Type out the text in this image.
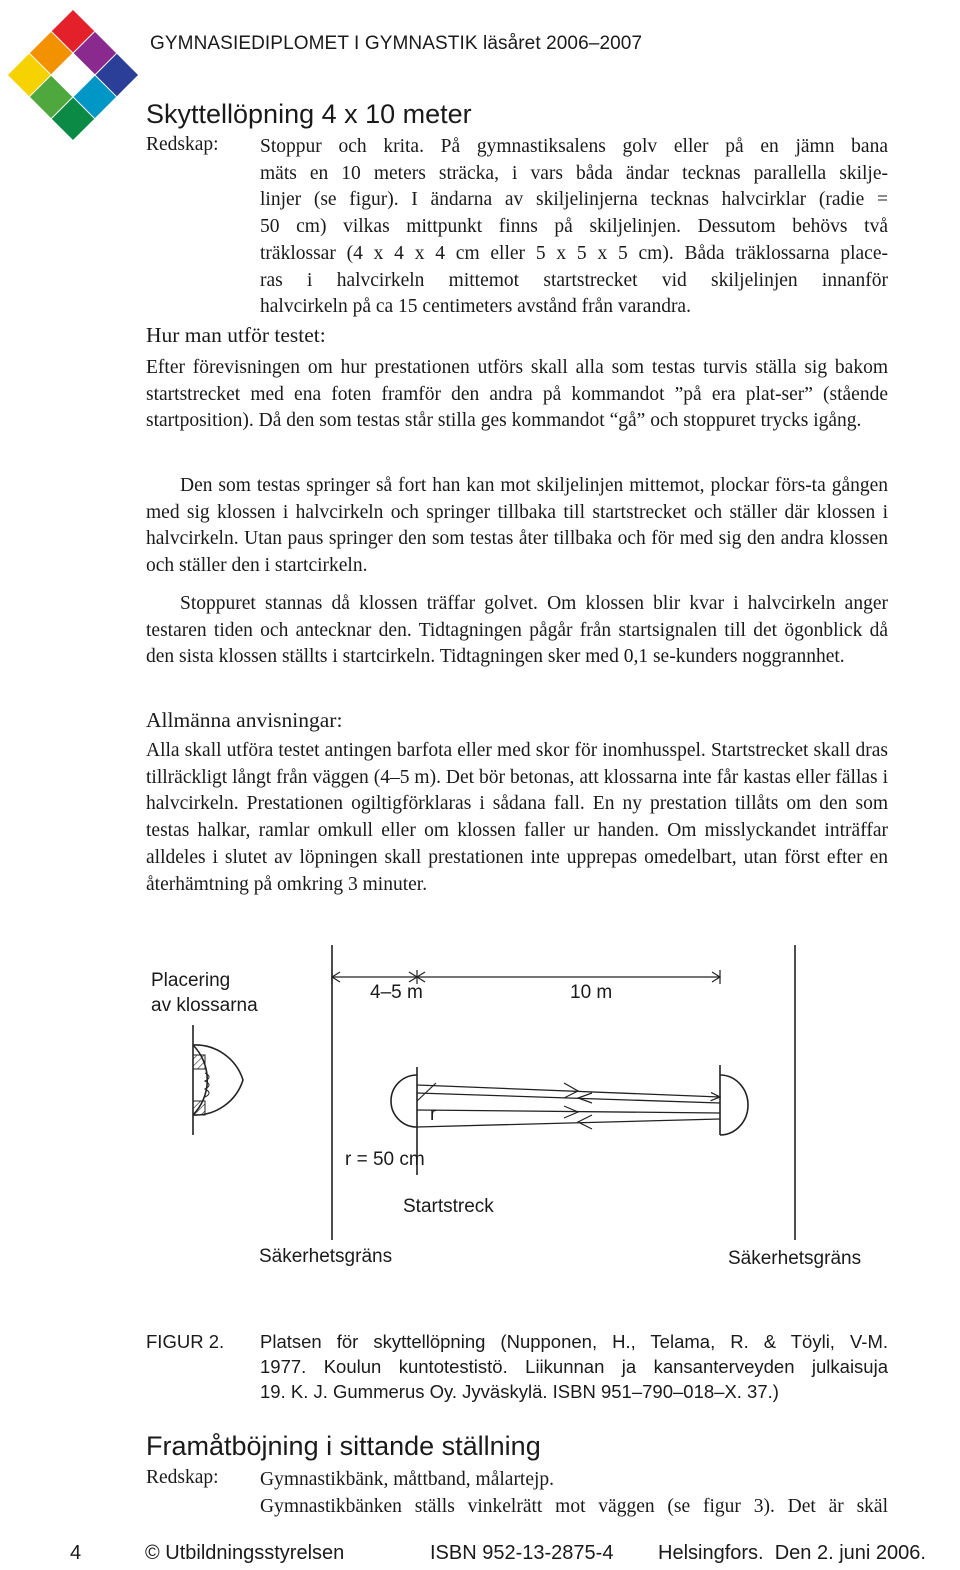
GYMNASIEDIPLOMET I GYMNASTIK läsåret 2006–2007
Skyttellöpning 4 x 10 meter
Redskap: Stoppur och krita. På gymnastiksalens golv eller på en jämn bana
mäts en 10 meters sträcka, i vars båda ändar tecknas parallella skilje-
linjer (se figur). I ändarna av skiljelinjerna tecknas halvcirklar (radie =
50 cm) vilkas mittpunkt finns på skiljelinjen. Dessutom behövs två
träklossar (4 x 4 x 4 cm eller 5 x 5 x 5 cm). Båda träklossarna place-
ras i halvcirkeln mittemot startstrecket vid skiljelinjen innanför
halvcirkeln på ca 15 centimeters avstånd från varandra.
Hur man utför testet:
Efter förevisningen om hur prestationen utförs skall alla som testas turvis ställa sig bakom startstrecket med ena foten framför den andra på kommandot ”på era plat-ser” (stående startposition). Då den som testas står stilla ges kommandot “gå” och stoppuret trycks igång.
Den som testas springer så fort han kan mot skiljelinjen mittemot, plockar förs-ta gången med sig klossen i halvcirkeln och springer tillbaka till startstrecket och ställer där klossen i halvcirkeln. Utan paus springer den som testas åter tillbaka och för med sig den andra klossen och ställer den i startcirkeln.
Stoppuret stannas då klossen träffar golvet. Om klossen blir kvar i halvcirkeln anger testaren tiden och antecknar den. Tidtagningen pågår från startsignalen till det ögonblick då den sista klossen ställts i startcirkeln. Tidtagningen sker med 0,1 se-kunders noggrannhet.
Allmänna anvisningar:
Alla skall utföra testet antingen barfota eller med skor för inomhusspel. Startstrecket skall dras tillräckligt långt från väggen (4–5 m). Det bör betonas, att klossarna inte får kastas eller fällas i halvcirkeln. Prestationen ogiltigförklaras i sådana fall. En ny prestation tillåts om den som testas halkar, ramlar omkull eller om klossen faller ur handen. Om misslyckandet inträffar alldeles i slutet av löpningen skall prestationen inte upprepas omedelbart, utan först efter en återhämtning på omkring 3 minuter.
Placering
av klossarna
4–5 m	10 m
r
r = 50 cm
Startstreck
Säkerhetsgräns	Säkerhetsgräns
FIGUR 2. Platsen för skyttellöpning (Nupponen, H., Telama, R. & Töyli, V-M.
1977. Koulun kuntotestistö. Liikunnan ja kansanterveyden julkaisuja
19. K. J. Gummerus Oy. Jyväskylä. ISBN 951–790–018–X. 37.)
Framåtböjning i sittande ställning
Redskap: Gymnastikbänk, måttband, målartejp.
Gymnastikbänken ställs vinkelrätt mot väggen (se figur 3). Det är skäl
4	© Utbildningsstyrelsen	ISBN 952-13-2875-4 Helsingfors.  Den 2. juni 2006.
